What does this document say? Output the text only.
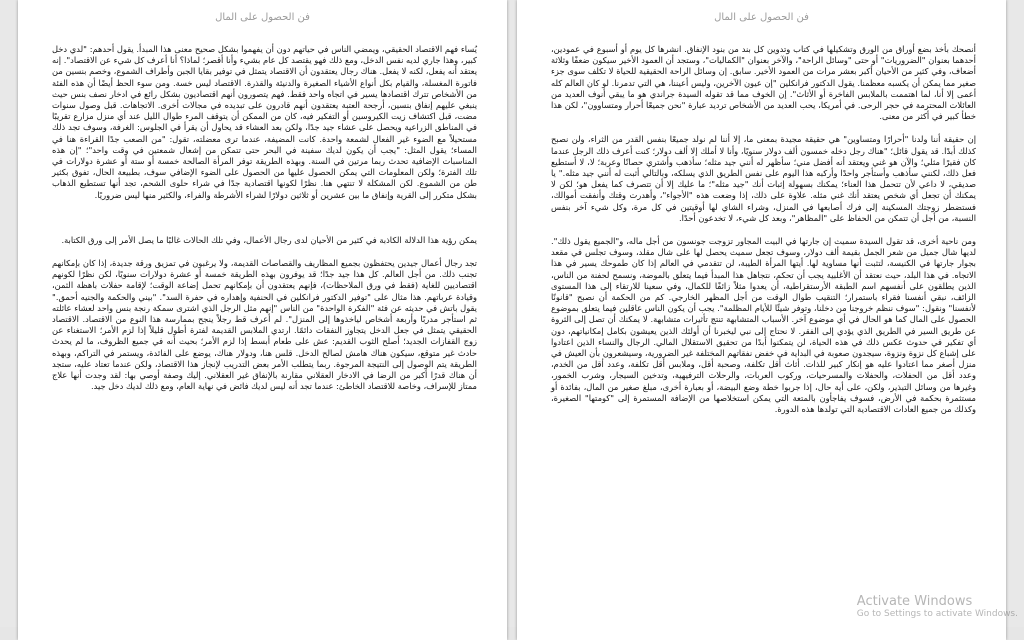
فن الحصول على المال

يُساء فهم الاقتصاد الحقيقي، ويمضي الناس في حياتهم دون أن يفهموا بشكل صحيح معنى هذا المبدأ. يقول أحدهم: "لدي دخل كبير، وهذا جاري لديه نفس الدخل، ومع ذلك فهو يقتصد كل عام بشيء وأنا أقصر؛ لماذا؟ أنا أعرف كل شيء عن الاقتصاد". إنه يعتقد أنه يفعل، لكنه لا يفعل. هناك رجال يعتقدون أن الاقتصاد يتمثل في توفير بقايا الجبن وأطراف الشموع، وخصم بنسين من فاتورة المغسلة، والقيام بكل أنواع الأشياء الصغيرة والدنيئة والقذرة. الاقتصاد ليس خسة. ومن سوء الحظ أيضًا أن هذه الفئة من الأشخاص تترك اقتصادها يسير في اتجاه واحد فقط. فهم يتصورون أنهم اقتصاديون بشكل رائع في ادخار نصف بنس حيث ينبغي عليهم إنفاق بنسين، أرجحة العتبة يعتقدون أنهم قادرون على تبديده في مجالات أخرى. الاتجاهات. قبل وصول سنوات مضت، قبل اكتشاف زيت الكيروسين أو التفكير فيه، كان من الممكن أن يتوقف المرء طوال الليل عند أي منزل مزارع تقريبًا في المناطق الزراعية ويحصل على عشاء جيد جدًا، ولكن بعد العشاء قد يحاول أن يقرأ في الجلوس: الغرفة، وسوف تجد ذلك مستحيلاً مع الضوء غير الفعال لشمعة واحدة. كانت المضيفة، عندما ترى معضلته، تقول: "من الصعب جدًا القراءة هنا في المساء؛ يقول المثل: "يجب أن يكون لديك سفينة في البحر حتى تتمكن من إشعال شمعتين في وقت واحد"؛ "إن هذه المناسبات الإضافية تحدث ربما مرتين في السنة. وبهذه الطريقة توفر المرأة الصالحة خمسة أو ستة أو عشرة دولارات في تلك الفترة؛ ولكن المعلومات التي يمكن الحصول عليها من الحصول على الضوء الإضافي سوف، بطبيعة الحال، تفوق بكثير طن من الشموع. لكن المشكلة لا تنتهي هنا. نظرًا لكونها اقتصادية جدًا في شراء حلوى الشحم، تجد أنها تستطيع الذهاب بشكل متكرر إلى القرية وإنفاق ما بين عشرين أو ثلاثين دولارًا لشراء الأشرطة والفراء، والكثير منها ليس ضروريًا.

يمكن رؤية هذا الدلالة الكاذبة في كثير من الأحيان لدى رجال الأعمال، وفي تلك الحالات غالبًا ما يصل الأمر إلى ورق الكتابة.

تجد رجال أعمال جيدين يحتفظون بجميع المظاريف والقصاصات القديمة، ولا يرغبون في تمزيق ورقة جديدة، إذا كان بإمكانهم تجنب ذلك. من أجل العالم. كل هذا جيد جدًا؛ قد يوفرون بهذه الطريقة خمسة أو عشرة دولارات سنويًا، لكن نظرًا لكونهم اقتصاديين للغاية (فقط في ورق الملاحظات)، فإنهم يعتقدون أن بإمكانهم تحمل إضاعة الوقت؛ لإقامة حفلات باهظة الثمن، وقيادة عرباتهم. هذا مثال على "توفير الدكتور فرانكلين في الحنفية وإهداره في حفرة السد". "بيني والحكمة والجنيه أحمق." يقول باتش في حديثه عن فئة "الفكرة الواحدة" من الناس "إنهم مثل الرجل الذي اشترى سمكة رنجة بنس واحد لعشاء عائلته ثم استأجر مدربًا وأربعة أشخاص لياخذوها إلى المنزل". لم أعرف قط رجلاً ينجح بممارسة هذا النوع من الاقتصاد. الاقتصاد الحقيقي يتمثل في جعل الدخل يتجاوز النفقات دائمًا. ارتدي الملابس القديمة لفترة أطول قليلاً إذا لزم الأمر؛ الاستغناء عن زوج القفازات الجديد؛ أصلح الثوب القديم: عش على طعام أبسط إذا لزم الأمر؛ بحيث أنه في جميع الظروف، ما لم يحدث حادث غير متوقع، سيكون هناك هامش لصالح الدخل. قلس هنا، ودولار هناك، يوضع على الفائدة، ويستمر في التراكم، وبهذه الطريقة يتم الوصول إلى النتيجة المرجوة. ربما يتطلب الأمر بعض التدريب لإنجاز هذا الاقتصاد، ولكن عندما تعتاد عليه، ستجد أن هناك قدرًا أكبر من الرضا في الادخار العقلاني مقارنة بالإنفاق غير العقلاني. إليك وصفة أوصي بها: لقد وجدت أنها علاج ممتاز للإسراف، وخاصة للاقتصاد الخاطئ: عندما تجد أنه ليس لديك فائض في نهاية العام، ومع ذلك لديك دخل جيد.

فن الحصول على المال

أنصحك بأخذ بضع أوراق من الورق وتشكيلها في كتاب وتدوين كل بند من بنود الإنفاق. انشرها كل يوم أو أسبوع في عمودين، أحدهما بعنوان "الضروريات" أو حتى "وسائل الراحة"، والآخر بعنوان "الكماليات"، وستجد أن العمود الأخير سيكون ضعفًا وثلاثة أضعاف، وفي كثير من الأحيان أكبر بعشر مرات من العمود الأخير. سابق. إن وسائل الراحة الحقيقية للحياة لا تكلف سوى جزء صغير مما يمكن أن يكسبه معظمنا. يقول الدكتور فرانكلين "إن عيون الآخرين، وليس أعيننا، هي التي تدمرنا. لو كان العالم كله أعمى إلا أنا، لما اهتممت بالملابس الفاخرة أو الأثاث". إن الخوف مما قد تقوله السيدة جراندي هو ما يبقي أنوف العديد من العائلات المحترمة في حجر الرحى. في أمريكا، يحب العديد من الأشخاص ترديد عبارة "نحن جميعًا أحرار ومتساوون"، لكن هذا خطأ كبير في أكثر من معنى.

إن حقيقة أننا ولدنا "أحرارًا ومتساوين" هي حقيقة مجيدة بمعنى ما، إلا أننا لم نولد جميعًا بنفس القدر من الثراء، ولن نصبح كذلك أبدًا. قد يقول قائل؛ "هناك رجل دخله خمسون ألف دولار سنويًا، وأنا لا أملك إلا ألف دولار؛ كنت أعرف ذلك الرجل عندما كان فقيرًا مثلي؛ والآن هو غني ويعتقد أنه أفضل مني؛ سأظهر له أنني جيد مثله؛ سأذهب وأشتري حصانًا وعربة؛ لا، لا أستطيع فعل ذلك، لكنني سأذهب وأستأجر واحدًا وأركبه هذا اليوم على نفس الطريق الذي يسلكه، وبالتالي أثبت له أنني جيد مثله." يا صديقي، لا داعي لأن تتحمل هذا العناء؛ يمكنك بسهولة إثبات أنك "جيد مثله"؛ ما عليك إلا أن تتصرف كما يفعل هو؛ لكن لا يمكنك أن تجعل أي شخص يعتقد أنك غني مثله. علاوة على ذلك، إذا وضعت هذه "الأجواء"، وأهدرت وقتك وأنفقت أموالك، فستضطر زوجتك المسكينة إلى فرك أصابعها في المنزل، وشراء الشاي لها أوقيتين في كل مرة، وكل شيء آخر بنفس النسبة، من أجل أن تتمكن من الحفاظ على "المظاهر"، وبعد كل شيء، لا تخدعون أحدًا.

ومن ناحية أخرى، قد تقول السيدة سميث إن جارتها في البيت المجاور تزوجت جونسون من أجل ماله، و"الجميع يقول ذلك". لديها شال جميل من شعر الجمل بقيمة ألف دولار، وسوف تجعل سميث يحصل لها على شال مقلد، وسوف تجلس في مقعد بجوار جارتها في الكنيسة، لتثبت أنها مساوية لها. أيتها المرأة الطيبة، لن تتقدمي في العالم إذا كان طموحك يسير في هذا الاتجاه. في هذا البلد، حيث نعتقد أن الأغلبية يجب أن تحكم، نتجاهل هذا المبدأ فيما يتعلق بالموضة، ونسمح لحفنة من الناس، الذين يطلقون على أنفسهم اسم الطبقة الأرستقراطية، أن يعدوا مثلاً زائفًا للكمال، وفي سعينا للارتقاء إلى هذا المستوى الزائف، نبقي أنفسنا فقراء باستمرار؛ التنقيب طوال الوقت من أجل المظهر الخارجي. كم من الحكمة أن نصبح "قانونًا لأنفسنا" ونقول: "سوف ننظم خروجنا من دخلنا، وتوفر شيئًا للأيام المظلمة". يجب أن يكون الناس عاقلين فيما يتعلق بموضوع الحصول على المال كما هو الحال في أي موضوع آخر. الأسباب المتشابهة تنتج تأثيرات متشابهة. لا يمكنك أن تصل إلى الثروة عن طريق السير في الطريق الذي يؤدي إلى الفقر. لا نحتاج إلى نبي ليخبرنا أن أولئك الذين يعيشون بكامل إمكانياتهم، دون أي تفكير في حدوث عكس ذلك في هذه الحياة، لن يتمكنوا أبدًا من تحقيق الاستقلال المالي. الرجال والنساء الذين اعتادوا على إشباع كل نزوة ونزوة، سيجدون صعوبة في البداية في خفض نفقاتهم المختلفة غير الضرورية، وسيشعرون بأن العيش في منزل أصغر مما اعتادوا عليه هو إنكار كبير للذات. أثاث أقل تكلفة، وصحبة أقل، وملابس أقل تكلفة، وعدد أقل من الخدم، وعدد أقل من الحفلات، والحفلات والمسرحيات، وركوب العربات، والرحلات الترفيهية، وتدخين السيجار، وشرب الخمور، وغيرها من وسائل التبذير، ولكن، على أية حال، إذا جربوا خطة وضع البيضة، أو بعبارة أخرى، مبلغ صغير من المال، بفائدة أو مستثمرة بحكمة في الأرض، فسوف يفاجأون بالمتعة التي يمكن استخلاصها من الإضافة المستمرة إلى "كومتها" الصغيرة، وكذلك من جميع العادات الاقتصادية التي تولدها هذه الدورة.

Activate Windows
Go to Settings to activate Windows.
